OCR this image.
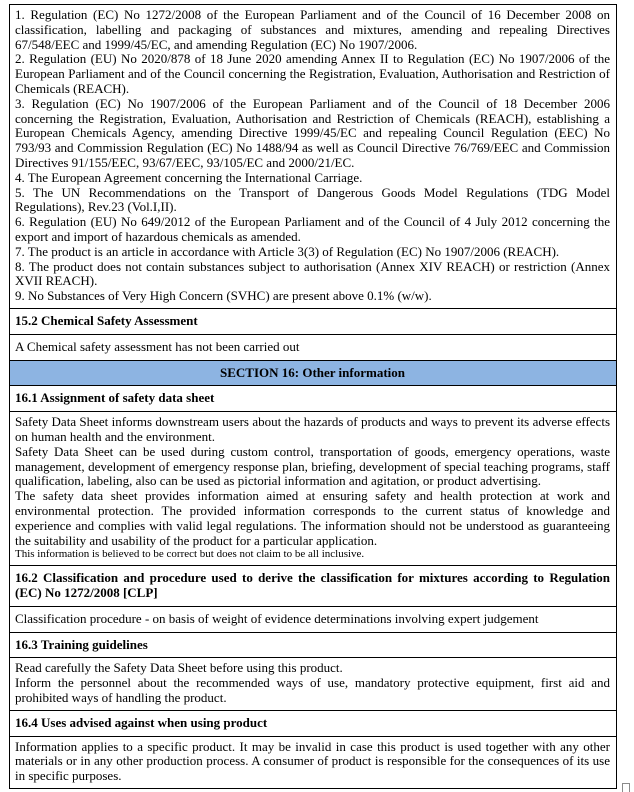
1. Regulation (EC) No 1272/2008 of the European Parliament and of the Council of 16 December 2008 on classification, labelling and packaging of substances and mixtures, amending and repealing Directives 67/548/EEC and 1999/45/EC, and amending Regulation (EC) No 1907/2006.
2. Regulation (EU) No 2020/878 of 18 June 2020 amending Annex II to Regulation (EC) No 1907/2006 of the European Parliament and of the Council concerning the Registration, Evaluation, Authorisation and Restriction of Chemicals (REACH).
3. Regulation (EC) No 1907/2006 of the European Parliament and of the Council of 18 December 2006 concerning the Registration, Evaluation, Authorisation and Restriction of Chemicals (REACH), establishing a European Chemicals Agency, amending Directive 1999/45/EC and repealing Council Regulation (EEC) No 793/93 and Commission Regulation (EC) No 1488/94 as well as Council Directive 76/769/EEC and Commission Directives 91/155/EEC, 93/67/EEC, 93/105/EC and 2000/21/EC.
4. The European Agreement concerning the International Carriage.
5. The UN Recommendations on the Transport of Dangerous Goods Model Regulations (TDG Model Regulations), Rev.23 (Vol.I,II).
6. Regulation (EU) No 649/2012 of the European Parliament and of the Council of 4 July 2012 concerning the export and import of hazardous chemicals as amended.
7. The product is an article in accordance with Article 3(3) of Regulation (EC) No 1907/2006 (REACH).
8. The product does not contain substances subject to authorisation (Annex XIV REACH) or restriction (Annex XVII REACH).
9. No Substances of Very High Concern (SVHC) are present above 0.1% (w/w).
15.2 Chemical Safety Assessment
A Chemical safety assessment has not been carried out
SECTION 16: Other information
16.1 Assignment of safety data sheet
Safety Data Sheet informs downstream users about the hazards of products and ways to prevent its adverse effects on human health and the environment.
Safety Data Sheet can be used during custom control, transportation of goods, emergency operations, waste management, development of emergency response plan, briefing, development of special teaching programs, staff qualification, labeling, also can be used as pictorial information and agitation, or product advertising.
The safety data sheet provides information aimed at ensuring safety and health protection at work and environmental protection. The provided information corresponds to the current status of knowledge and experience and complies with valid legal regulations. The information should not be understood as guaranteeing the suitability and usability of the product for a particular application.
This information is believed to be correct but does not claim to be all inclusive.
16.2 Classification and procedure used to derive the classification for mixtures according to Regulation (EC) No 1272/2008 [CLP]
Classification procedure - on basis of weight of evidence determinations involving expert judgement
16.3 Training guidelines
Read carefully the Safety Data Sheet before using this product.
Inform the personnel about the recommended ways of use, mandatory protective equipment, first aid and prohibited ways of handling the product.
16.4 Uses advised against when using product
Information applies to a specific product. It may be invalid in case this product is used together with any other materials or in any other production process. A consumer of product is responsible for the consequences of its use in specific purposes.
